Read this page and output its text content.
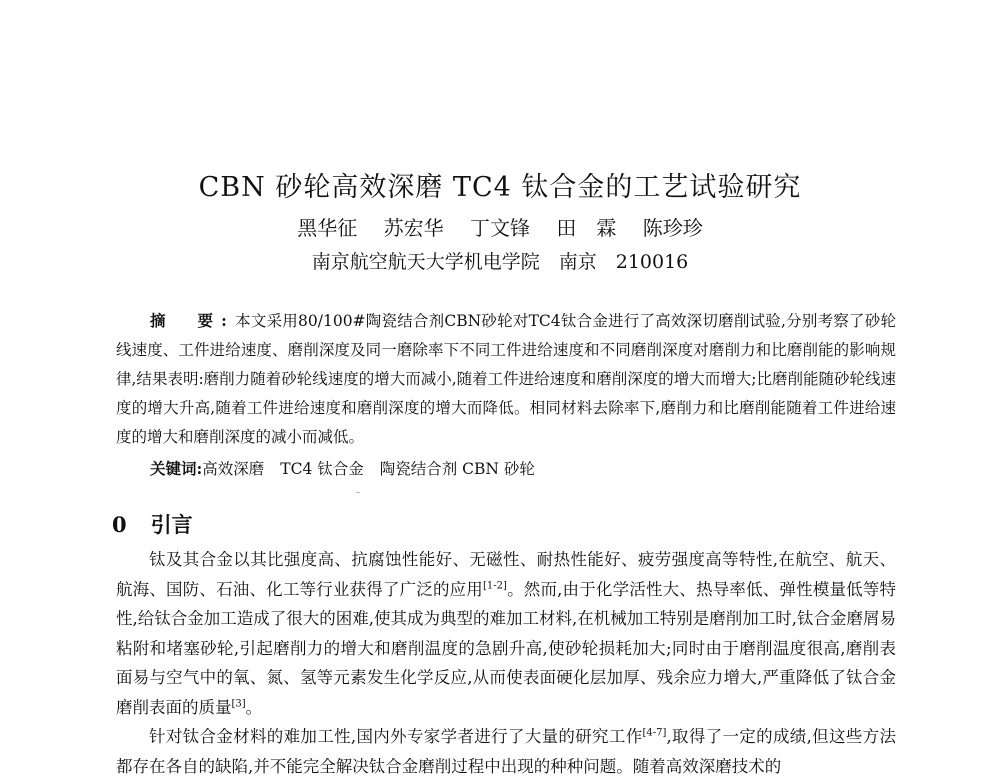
CBN 砂轮高效深磨 TC4 钛合金的工艺试验研究
黑华征 苏宏华 丁文锋 田　霖 陈珍珍
南京航空航天大学机电学院　南京　210016
摘　要:本文采用80/100#陶瓷结合剂CBN砂轮对TC4钛合金进行了高效深切磨削试验,分别考察了砂轮线速度、工件进给速度、磨削深度及同一磨除率下不同工件进给速度和不同磨削深度对磨削力和比磨削能的影响规律,结果表明:磨削力随着砂轮线速度的增大而减小,随着工件进给速度和磨削深度的增大而增大;比磨削能随砂轮线速度的增大升高,随着工件进给速度和磨削深度的增大而降低。相同材料去除率下,磨削力和比磨削能随着工件进给速度的增大和磨削深度的减小而减低。
关键词:高效深磨 TC4 钛合金 陶瓷结合剂 CBN 砂轮
0 引言

钛及其合金以其比强度高、抗腐蚀性能好、无磁性、耐热性能好、疲劳强度高等特性,在航空、航天、航海、国防、石油、化工等行业获得了广泛的应用[1-2]。然而,由于化学活性大、热导率低、弹性模量低等特性,给钛合金加工造成了很大的困难,使其成为典型的难加工材料,在机械加工特别是磨削加工时,钛合金磨屑易粘附和堵塞砂轮,引起磨削力的增大和磨削温度的急剧升高,使砂轮损耗加大;同时由于磨削温度很高,磨削表面易与空气中的氧、氮、氢等元素发生化学反应,从而使表面硬化层加厚、残余应力增大,严重降低了钛合金磨削表面的质量[3]。

针对钛合金材料的难加工性,国内外专家学者进行了大量的研究工作[4-7],取得了一定的成绩,但这些方法都存在各自的缺陷,并不能完全解决钛合金磨削过程中出现的种种问题。随着高效深磨技术的
